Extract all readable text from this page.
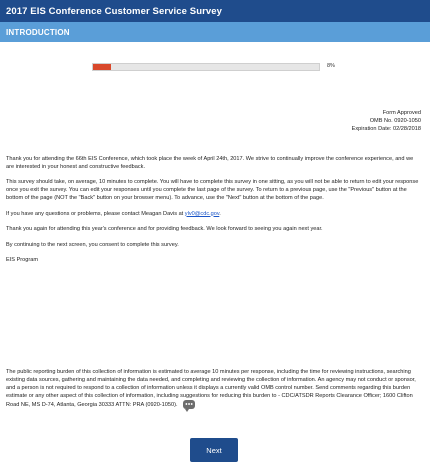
2017 EIS Conference Customer Service Survey
INTRODUCTION
8%
Form Approved
OMB No. 0920-1050
Expiration Date: 02/28/2018

Thank you for attending the 66th EIS Conference, which took place the week of April 24th, 2017. We strive to continually improve the conference experience, and we are interested in your honest and constructive feedback.

This survey should take, on average, 10 minutes to complete. You will have to complete this survey in one sitting, as you will not be able to return to edit your response once you exit the survey. You can edit your responses until you complete the last page of the survey. To return to a previous page, use the "Previous" button at the bottom of the page (NOT the "Back" button on your browser menu). To advance, use the "Next" button at the bottom of the page.

If you have any questions or problems, please contact Meagan Davis at ylv0@cdc.gov.

Thank you again for attending this year's conference and for providing feedback. We look forward to seeing you again next year.

By continuing to the next screen, you consent to complete this survey.

EIS Program

The public reporting burden of this collection of information is estimated to average 10 minutes per response, including the time for reviewing instructions, searching existing data sources, gathering and maintaining the data needed, and completing and reviewing the collection of information. An agency may not conduct or sponsor, and a person is not required to respond to a collection of information unless it displays a currently valid OMB control number. Send comments regarding this burden estimate or any other aspect of this collection of information, including suggestions for reducing this burden to - CDC/ATSDR Reports Clearance Officer; 1600 Clifton Road NE, MS D-74, Atlanta, Georgia 30333 ATTN: PRA (0920-1050).
Next
